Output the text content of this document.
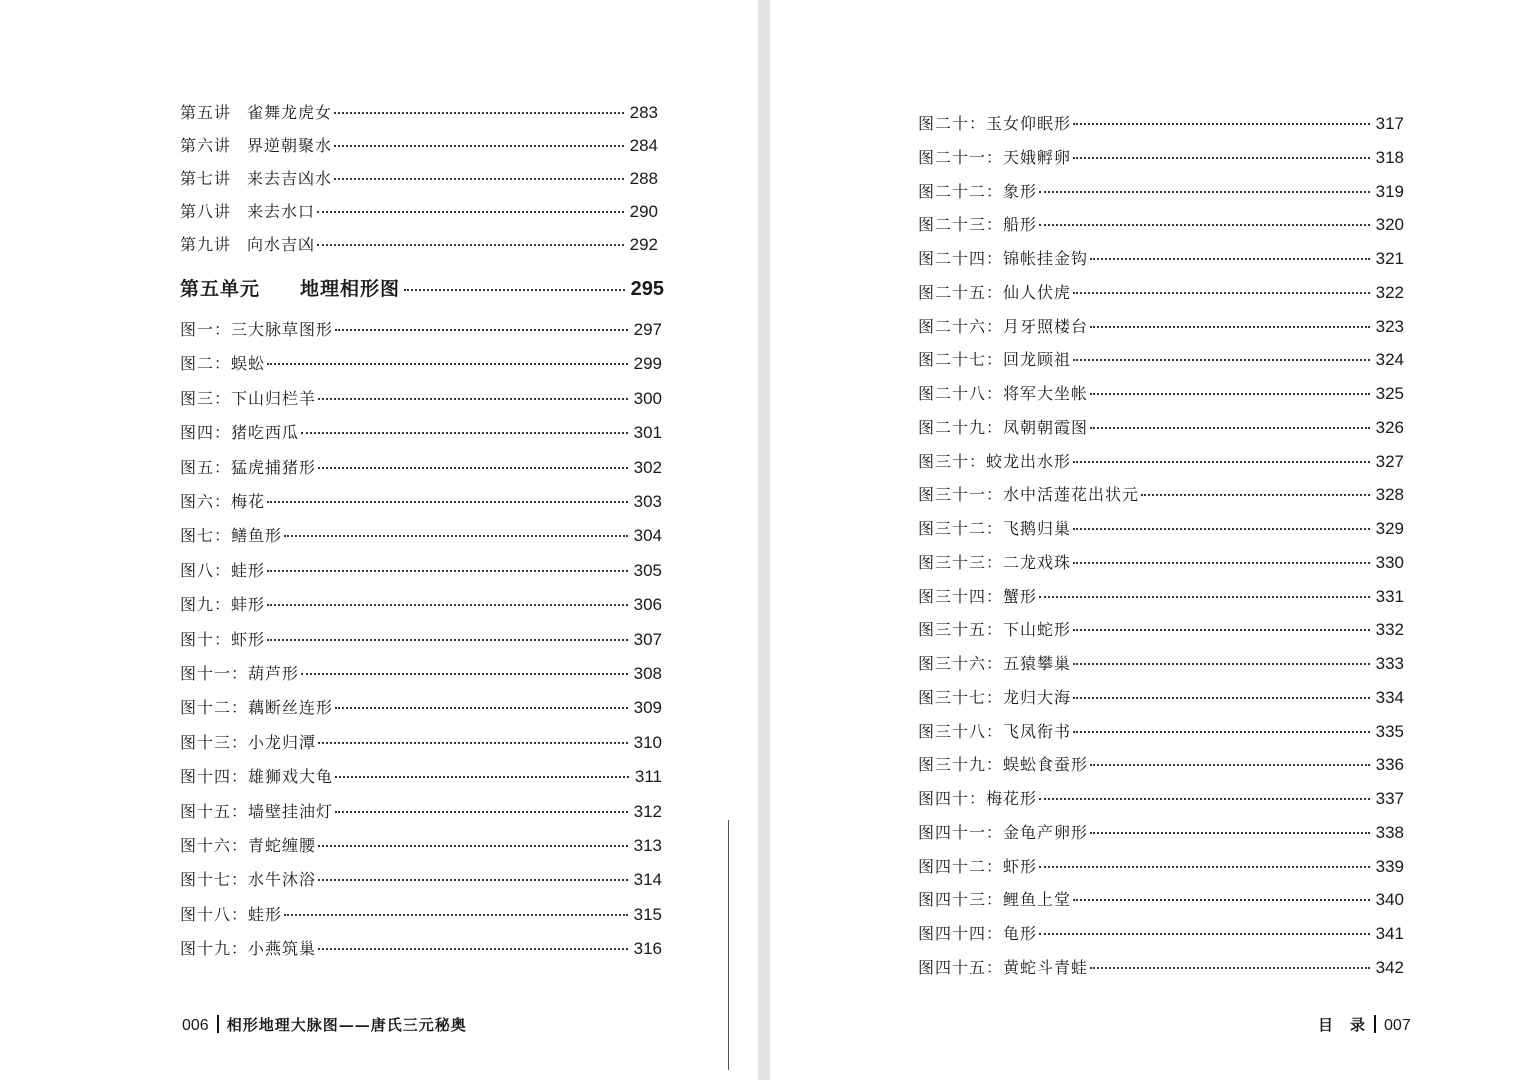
第五讲 雀舞龙虎女	283
第六讲 界逆朝聚水	284
第七讲 来去吉凶水	288
第八讲 来去水口	290
第九讲 向水吉凶	292
第五单元 地理相形图	295
图一：三大脉草图形	297
图二：蜈蚣	299
图三：下山归栏羊	300
图四：猪吃西瓜	301
图五：猛虎捕猪形	302
图六：梅花	303
图七：鳝鱼形	304
图八：蛙形	305
图九：蚌形	306
图十：虾形	307
图十一：葫芦形	308
图十二：藕断丝连形	309
图十三：小龙归潭	310
图十四：雄狮戏大龟	311
图十五：墙壁挂油灯	312
图十六：青蛇缠腰	313
图十七：水牛沐浴	314
图十八：蛙形	315
图十九：小燕筑巢	316
006 相形地理大脉图——唐氏三元秘奥
图二十：玉女仰眠形	317
图二十一：天娥孵卵	318
图二十二：象形	319
图二十三：船形	320
图二十四：锦帐挂金钩	321
图二十五：仙人伏虎	322
图二十六：月牙照楼台	323
图二十七：回龙顾祖	324
图二十八：将军大坐帐	325
图二十九：凤朝朝霞图	326
图三十：蛟龙出水形	327
图三十一：水中活莲花出状元	328
图三十二：飞鹅归巢	329
图三十三：二龙戏珠	330
图三十四：蟹形	331
图三十五：下山蛇形	332
图三十六：五猿攀巢	333
图三十七：龙归大海	334
图三十八：飞凤衔书	335
图三十九：蜈蚣食蚕形	336
图四十：梅花形	337
图四十一：金龟产卵形	338
图四十二：虾形	339
图四十三：鲤鱼上堂	340
图四十四：龟形	341
图四十五：黄蛇斗青蛙	342
目　录 007
